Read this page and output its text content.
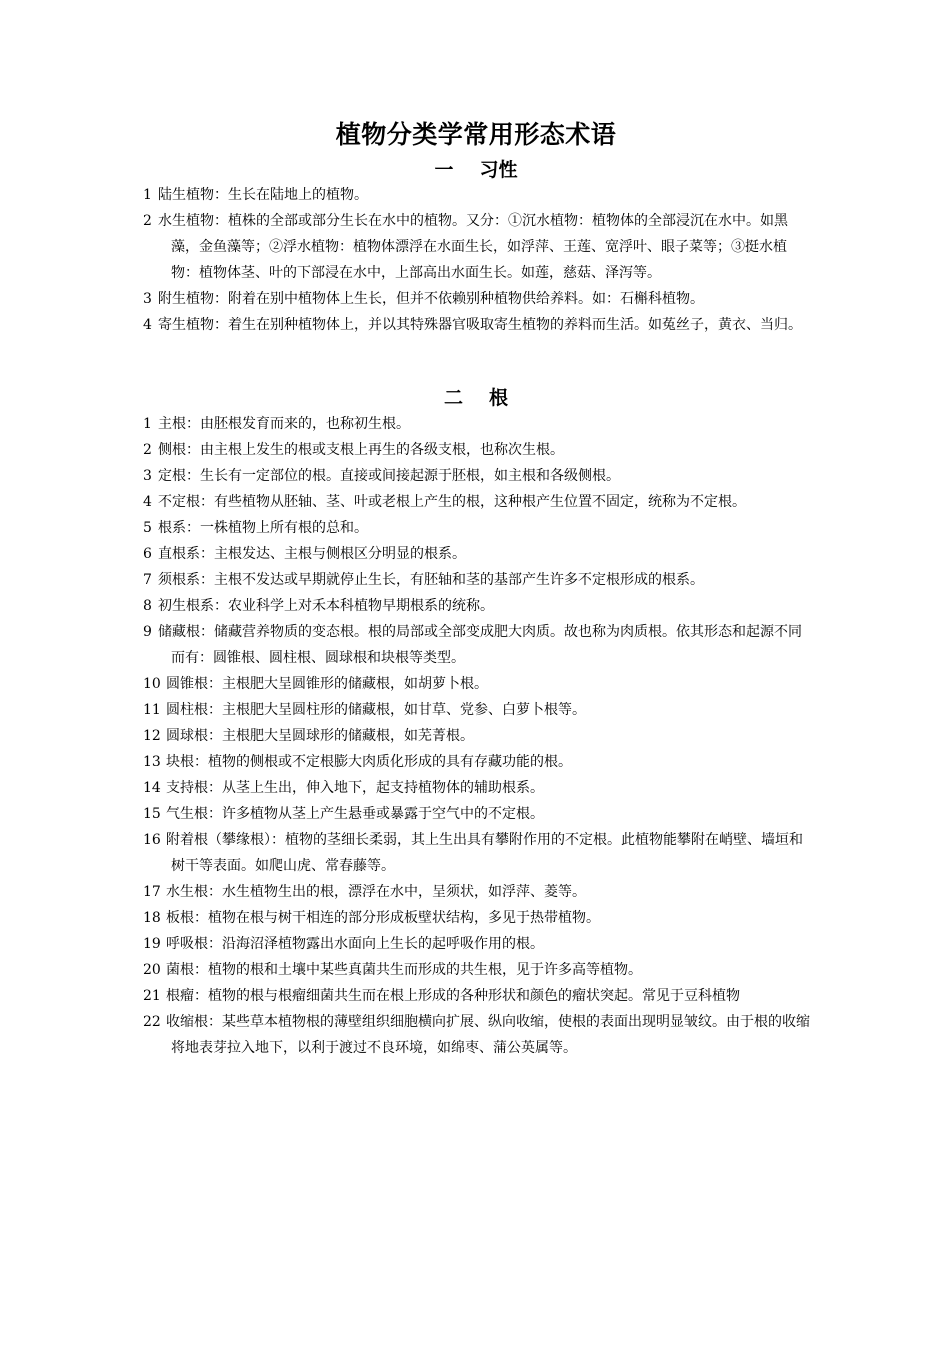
植物分类学常用形态术语
一 习性
1 陆生植物：生长在陆地上的植物。
2 水生植物：植株的全部或部分生长在水中的植物。又分：①沉水植物：植物体的全部浸沉在水中。如黑藻，金鱼藻等；②浮水植物：植物体漂浮在水面生长，如浮萍、王莲、宽浮叶、眼子菜等；③挺水植物：植物体茎、叶的下部浸在水中，上部高出水面生长。如莲，慈菇、泽泻等。
3 附生植物：附着在别中植物体上生长，但并不依赖别种植物供给养料。如：石槲科植物。
4 寄生植物：着生在别种植物体上，并以其特殊器官吸取寄生植物的养料而生活。如菟丝子，黄衣、当归。
二 根
1 主根：由胚根发育而来的，也称初生根。
2 侧根：由主根上发生的根或支根上再生的各级支根，也称次生根。
3 定根：生长有一定部位的根。直接或间接起源于胚根，如主根和各级侧根。
4 不定根：有些植物从胚轴、茎、叶或老根上产生的根，这种根产生位置不固定，统称为不定根。
5 根系：一株植物上所有根的总和。
6 直根系：主根发达、主根与侧根区分明显的根系。
7 须根系：主根不发达或早期就停止生长，有胚轴和茎的基部产生许多不定根形成的根系。
8 初生根系：农业科学上对禾本科植物早期根系的统称。
9 储藏根：储藏营养物质的变态根。根的局部或全部变成肥大肉质。故也称为肉质根。依其形态和起源不同而有：圆锥根、圆柱根、圆球根和块根等类型。
10 圆锥根：主根肥大呈圆锥形的储藏根，如胡萝卜根。
11 圆柱根：主根肥大呈圆柱形的储藏根，如甘草、党参、白萝卜根等。
12 圆球根：主根肥大呈圆球形的储藏根，如芜菁根。
13 块根：植物的侧根或不定根膨大肉质化形成的具有存藏功能的根。
14 支持根：从茎上生出，伸入地下，起支持植物体的辅助根系。
15 气生根：许多植物从茎上产生悬垂或暴露于空气中的不定根。
16 附着根（攀缘根）：植物的茎细长柔弱，其上生出具有攀附作用的不定根。此植物能攀附在峭壁、墙垣和树干等表面。如爬山虎、常春藤等。
17 水生根：水生植物生出的根，漂浮在水中，呈须状，如浮萍、菱等。
18 板根：植物在根与树干相连的部分形成板壁状结构，多见于热带植物。
19 呼吸根：沿海沼泽植物露出水面向上生长的起呼吸作用的根。
20 菌根：植物的根和土壤中某些真菌共生而形成的共生根，见于许多高等植物。
21 根瘤：植物的根与根瘤细菌共生而在根上形成的各种形状和颜色的瘤状突起。常见于豆科植物
22 收缩根：某些草本植物根的薄壁组织细胞横向扩展、纵向收缩，使根的表面出现明显皱纹。由于根的收缩将地表芽拉入地下，以利于渡过不良环境，如绵枣、蒲公英属等。
